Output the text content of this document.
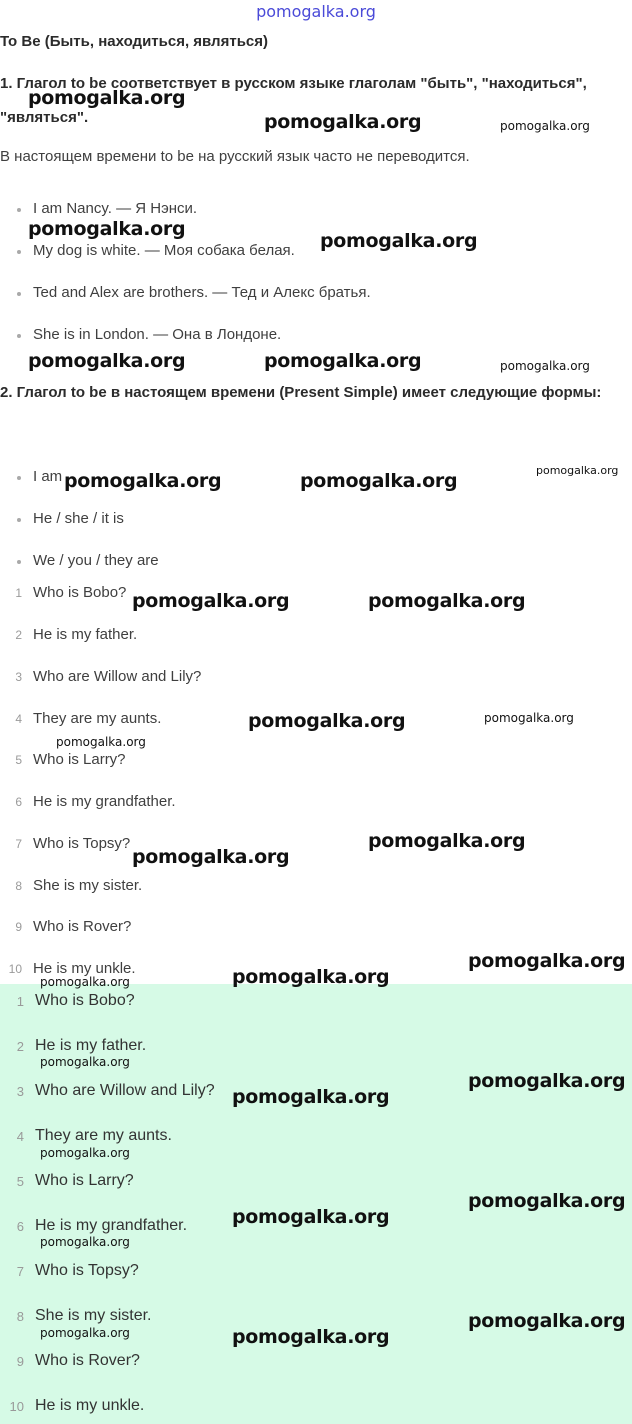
pomogalka.org
To Be (Быть, находиться, являться)
1. Глагол to be соответствует в русском языке глаголам "быть", "находиться", "являться".
В настоящем времени to be на русский язык часто не переводится.
I am Nancy. — Я Нэнси.
My dog is white. — Моя собака белая.
Ted and Alex are brothers. — Тед и Алекс братья.
She is in London. — Она в Лондоне.
2. Глагол to be в настоящем времени (Present Simple) имеет следующие формы:
I am
He / she / it is
We / you / they are
1 Who is Bobo?
2 He is my father.
3 Who are Willow and Lily?
4 They are my aunts.
5 Who is Larry?
6 He is my grandfather.
7 Who is Topsy?
8 She is my sister.
9 Who is Rover?
10 He is my unkle.
1 Who is Bobo?
2 He is my father.
3 Who are Willow and Lily?
4 They are my aunts.
5 Who is Larry?
6 He is my grandfather.
7 Who is Topsy?
8 She is my sister.
9 Who is Rover?
10 He is my unkle.
pomogalka.org
pomogalka.org	pomogalka.org
pomogalka.org
pomogalka.org
pomogalka.org	pomogalka.org	pomogalka.org
pomogalka.org	pomogalka.org	pomogalka.org
pomogalka.org	pomogalka.org
pomogalka.org	pomogalka.org
pomogalka.org
pomogalka.org
pomogalka.org
pomogalka.org
pomogalka.org
pomogalka.org
pomogalka.org
pomogalka.org
pomogalka.org
pomogalka.org
pomogalka.org
pomogalka.org
pomogalka.org
pomogalka.org
pomogalka.org	pomogalka.org
